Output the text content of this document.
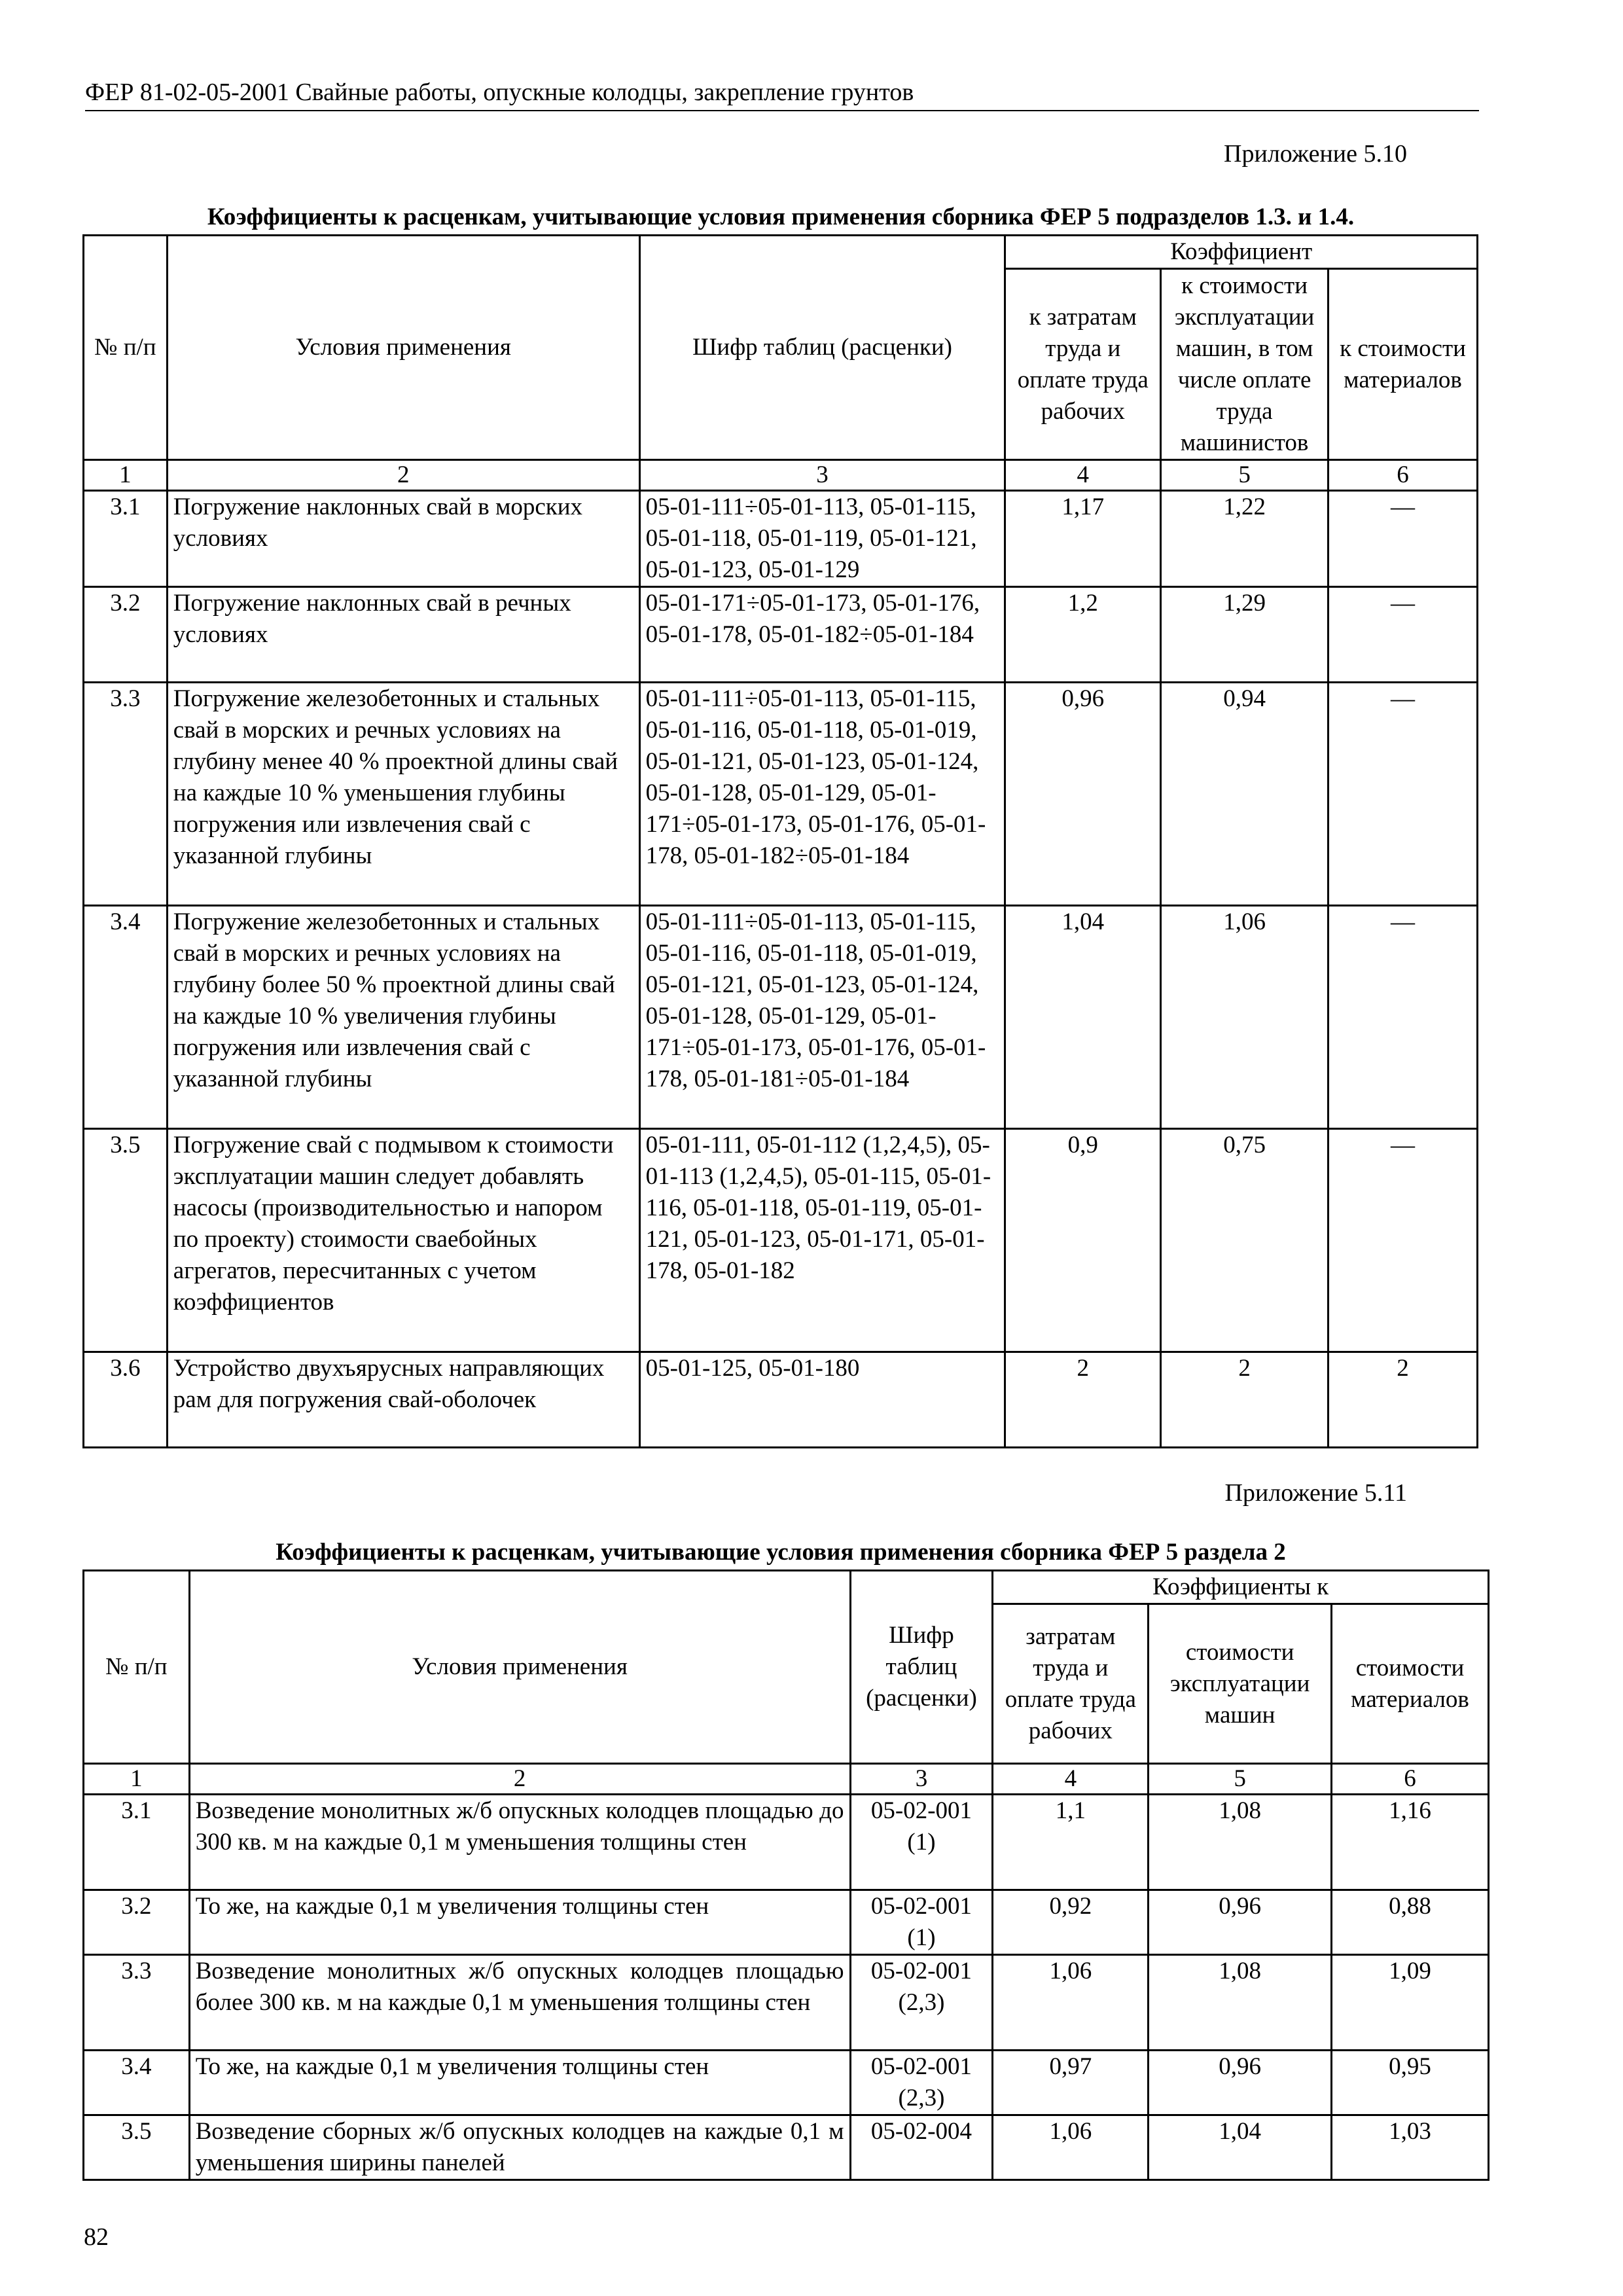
ФЕР 81-02-05-2001 Свайные работы, опускные колодцы, закрепление грунтов
Приложение 5.10
Коэффициенты к расценкам, учитывающие условия применения сборника ФЕР 5 подразделов 1.3. и 1.4.
№ п/п	Условия применения	Шифр таблиц (расценки)	Коэффициент		
			к затратам труда и оплате труда рабочих	к стоимости эксплуатации машин, в том числе оплате труда машинистов	к стоимости материалов
1	2	3	4	5	6
3.1	Погружение наклонных свай в морских условиях	05-01-111÷05-01-113, 05-01-115, 05-01-118, 05-01-119, 05-01-121, 05-01-123, 05-01-129	1,17	1,22	—
3.2	Погружение наклонных свай в речных условиях	05-01-171÷05-01-173, 05-01-176, 05-01-178, 05-01-182÷05-01-184	1,2	1,29	—
3.3	Погружение железобетонных и стальных свай в морских и речных условиях на глубину менее 40 % проектной длины свай на каждые 10 % уменьшения глубины погружения или извлечения свай с указанной глубины	05-01-111÷05-01-113, 05-01-115, 05-01-116, 05-01-118, 05-01-019, 05-01-121, 05-01-123, 05-01-124, 05-01-128, 05-01-129, 05-01-171÷05-01-173, 05-01-176, 05-01-178, 05-01-182÷05-01-184	0,96	0,94	—
3.4	Погружение железобетонных и стальных свай в морских и речных условиях на глубину более 50 % проектной длины свай на каждые 10 % увеличения глубины погружения или извлечения свай с указанной глубины	05-01-111÷05-01-113, 05-01-115, 05-01-116, 05-01-118, 05-01-019, 05-01-121, 05-01-123, 05-01-124, 05-01-128, 05-01-129, 05-01-171÷05-01-173, 05-01-176, 05-01-178, 05-01-181÷05-01-184	1,04	1,06	—
3.5	Погружение свай с подмывом к стоимости эксплуатации машин следует добавлять насосы (производительностью и напором по проекту) стоимости сваебойных агрегатов, пересчитанных с учетом коэффициентов	05-01-111, 05-01-112 (1,2,4,5), 05-01-113 (1,2,4,5), 05-01-115, 05-01-116, 05-01-118, 05-01-119, 05-01-121, 05-01-123, 05-01-171, 05-01-178, 05-01-182	0,9	0,75	—
3.6	Устройство двухъярусных направляющих рам для погружения свай-оболочек	05-01-125, 05-01-180	2	2	2
Приложение 5.11
Коэффициенты к расценкам, учитывающие условия применения сборника ФЕР 5 раздела 2
№ п/п	Условия применения	Шифр таблиц (расценки)	Коэффициенты к		
			затратам труда и оплате труда рабочих	стоимости эксплуатации машин	стоимости материалов
1	2	3	4	5	6
3.1	Возведение монолитных ж/б опускных колодцев площадью до 300 кв. м на каждые 0,1 м уменьшения толщины стен	05-02-001 (1)	1,1	1,08	1,16
3.2	То же, на каждые 0,1 м увеличения толщины стен	05-02-001 (1)	0,92	0,96	0,88
3.3	Возведение монолитных ж/б опускных колодцев площадью более 300 кв. м на каждые 0,1 м уменьшения толщины стен	05-02-001 (2,3)	1,06	1,08	1,09
3.4	То же, на каждые 0,1 м увеличения толщины стен	05-02-001 (2,3)	0,97	0,96	0,95
3.5	Возведение сборных ж/б опускных колодцев на каждые 0,1 м уменьшения ширины панелей	05-02-004	1,06	1,04	1,03
82
